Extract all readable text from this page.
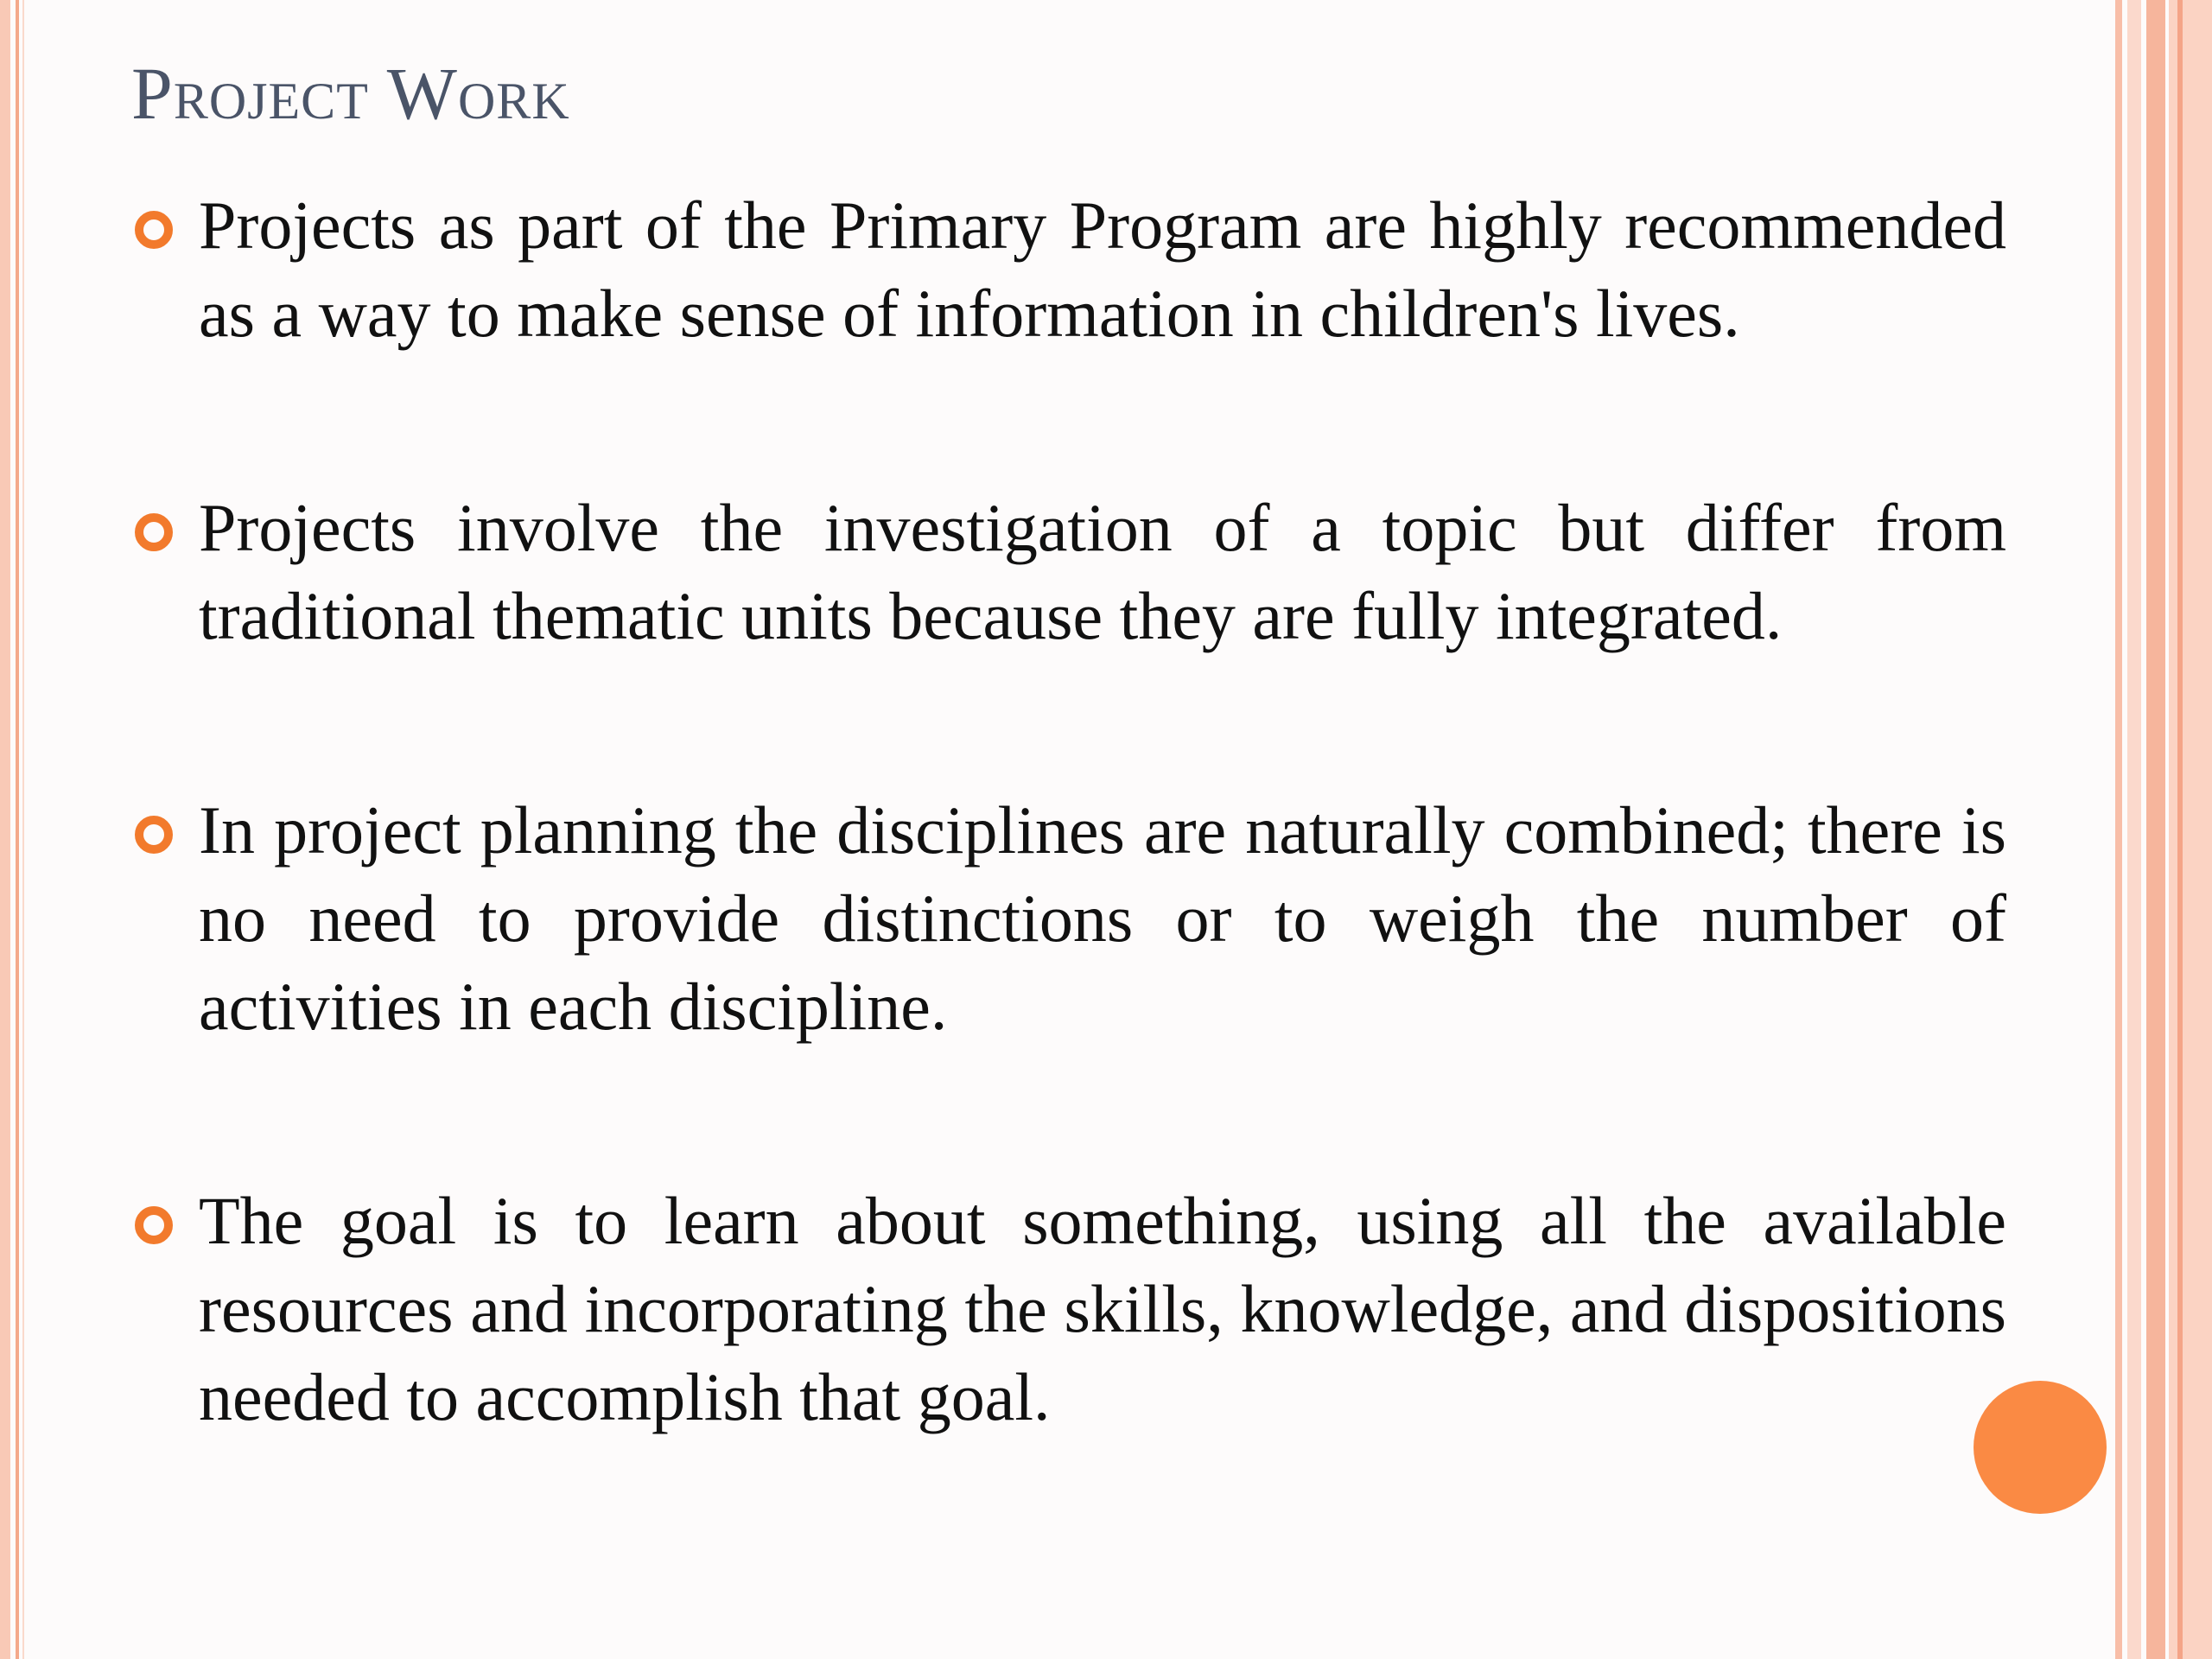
Project Work
Projects as part of the Primary Program are highly recommended as a way to make sense of information in children's lives.
Projects involve the investigation of a topic but differ from traditional thematic units because they are fully integrated.
In project planning the disciplines are naturally combined; there is no need to provide distinctions or to weigh the number of activities in each discipline.
The goal is to learn about something, using all the available resources and incorporating the skills, knowledge, and dispositions needed to accomplish that goal.
